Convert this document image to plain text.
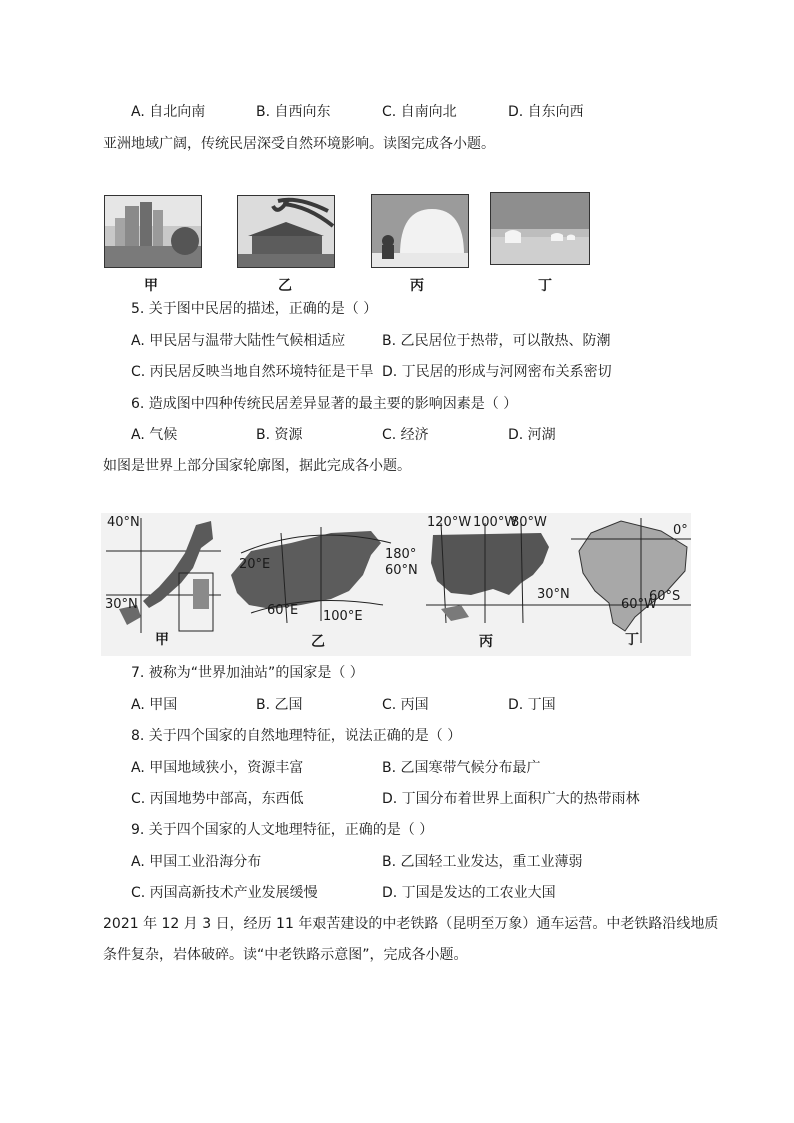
A. 自北向南	B. 自西向东	C. 自南向北	D. 自东向西
亚洲地域广阔，传统民居深受自然环境影响。读图完成各小题。
甲	乙	丙	丁
5. 关于图中民居的描述，正确的是（ ）
A. 甲民居与温带大陆性气候相适应	B. 乙民居位于热带，可以散热、防潮
C. 丙民居反映当地自然环境特征是干旱 D. 丁民居的形成与河网密布关系密切
6. 造成图中四种传统民居差异显著的最主要的影响因素是（ ）
A. 气候	B. 资源	C. 经济	D. 河湖
如图是世界上部分国家轮廓图，据此完成各小题。
40°N
30°N
20°E
60°E 100°E
180°
60°N
120°W 100°W
80°W
30°N
0°
60°W
60°S
甲	乙	丙	丁
7. 被称为“世界加油站”的国家是（ ）
A. 甲国	B. 乙国	C. 丙国	D. 丁国
8. 关于四个国家的自然地理特征，说法正确的是（ ）
A. 甲国地域狭小，资源丰富	B. 乙国寒带气候分布最广
C. 丙国地势中部高，东西低	D. 丁国分布着世界上面积广大的热带雨林
9. 关于四个国家的人文地理特征，正确的是（ ）
A. 甲国工业沿海分布	B. 乙国轻工业发达，重工业薄弱
C. 丙国高新技术产业发展缓慢	D. 丁国是发达的工农业大国
2021 年 12 月 3 日，经历 11 年艰苦建设的中老铁路（昆明至万象）通车运营。中老铁路沿线地质
条件复杂，岩体破碎。读“中老铁路示意图”，完成各小题。
